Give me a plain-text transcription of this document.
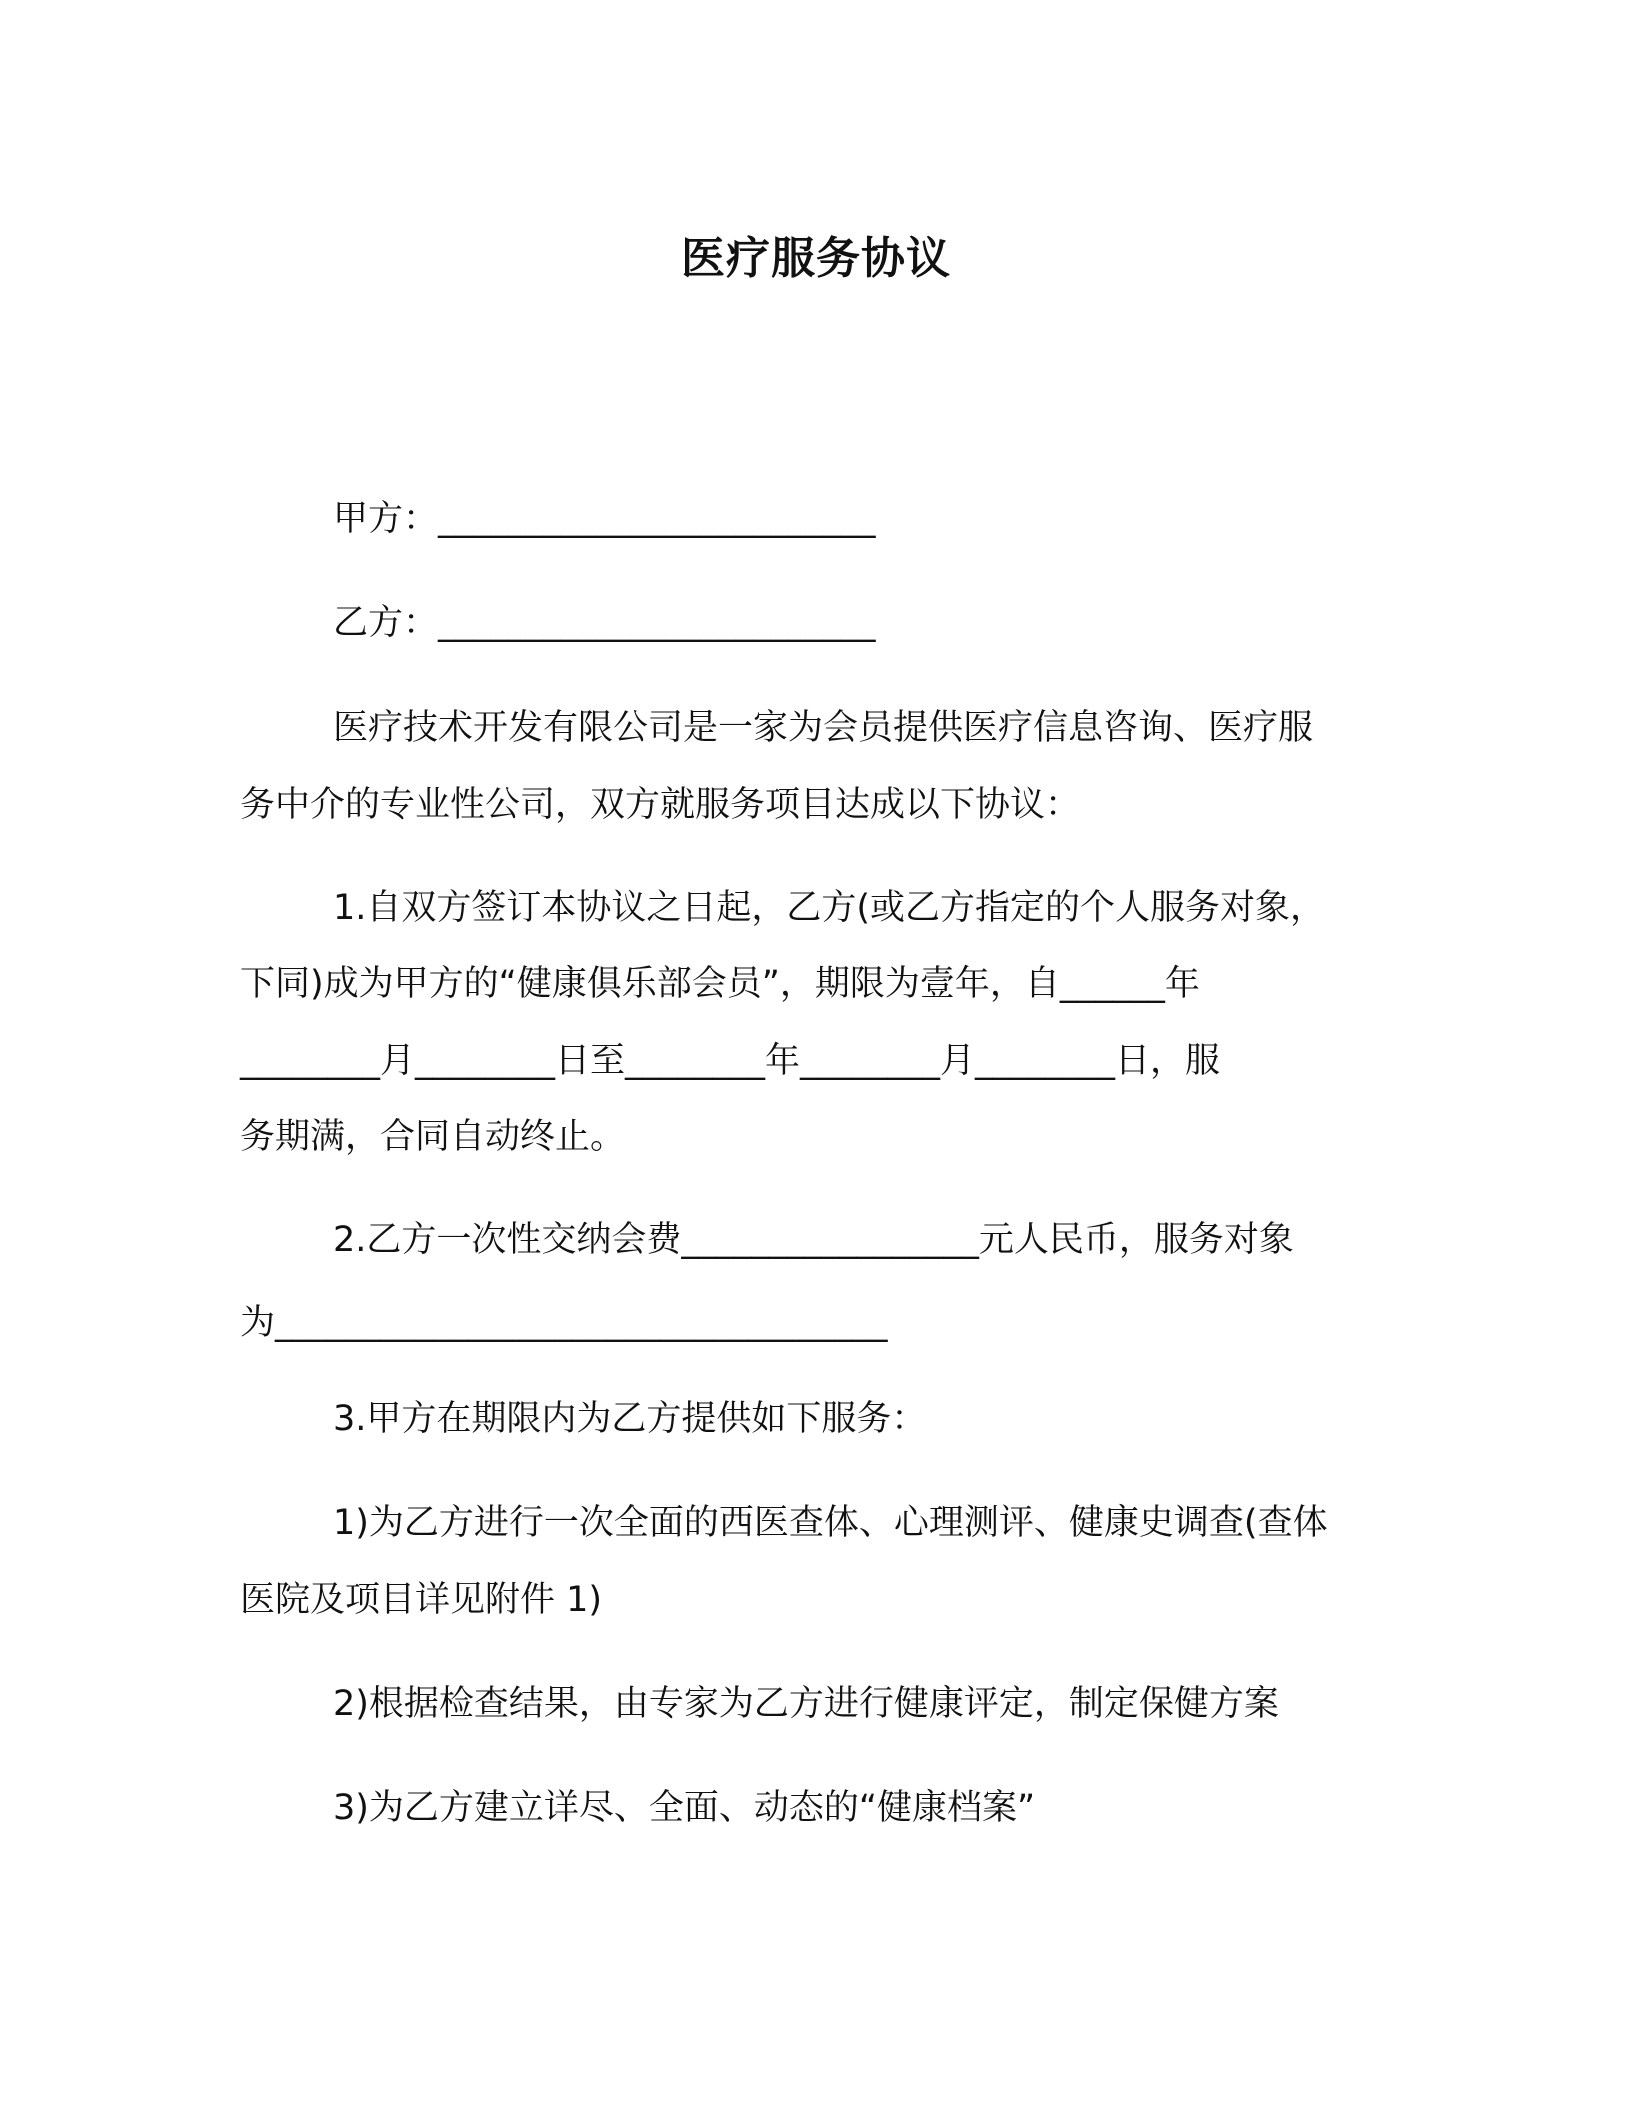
医疗服务协议
甲方：_________________________
乙方：_________________________
医疗技术开发有限公司是一家为会员提供医疗信息咨询、医疗服
务中介的专业性公司，双方就服务项目达成以下协议：
1.自双方签订本协议之日起，乙方(或乙方指定的个人服务对象，
下同)成为甲方的“健康俱乐部会员”，期限为壹年，自______年
________月________日至________年________月________日，服
务期满，合同自动终止。
2.乙方一次性交纳会费_________________元人民币，服务对象
为___________________________________
3.甲方在期限内为乙方提供如下服务：
1)为乙方进行一次全面的西医查体、心理测评、健康史调查(查体
医院及项目详见附件 1)
2)根据检查结果，由专家为乙方进行健康评定，制定保健方案
3)为乙方建立详尽、全面、动态的“健康档案”
